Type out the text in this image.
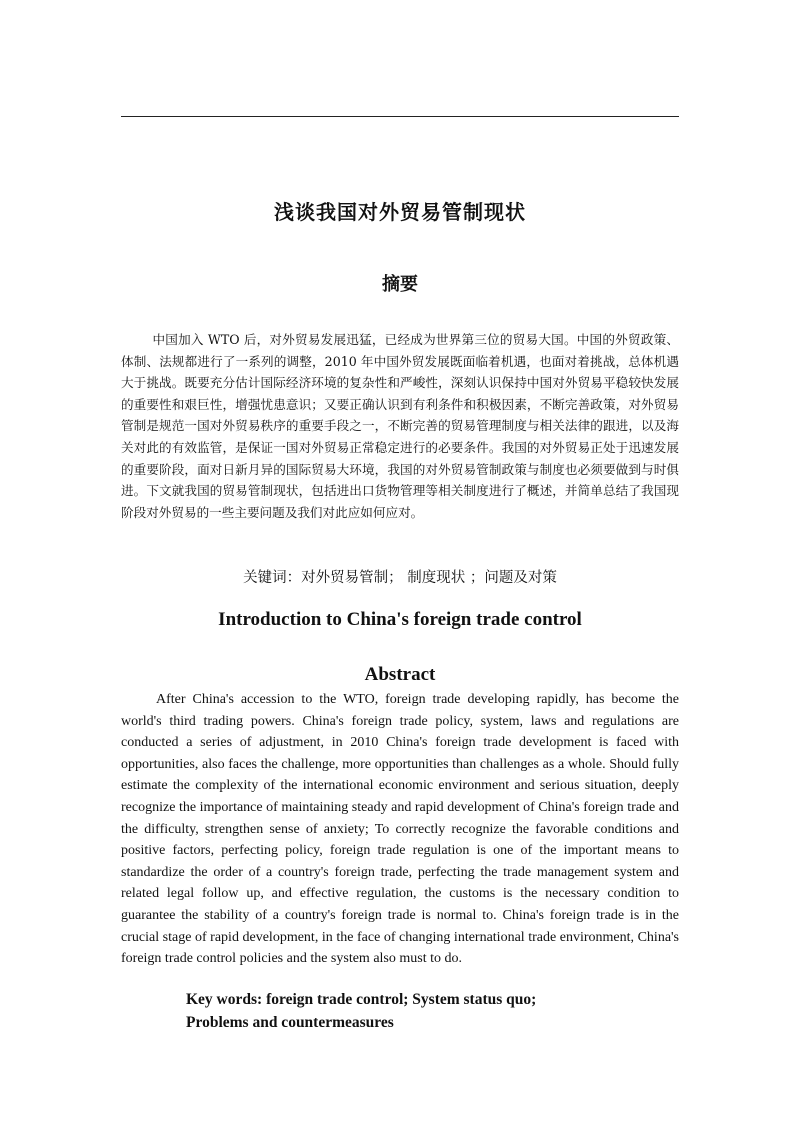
浅谈我国对外贸易管制现状
摘要

中国加入 WTO 后，对外贸易发展迅猛，已经成为世界第三位的贸易大国。中国的外贸政策、体制、法规都进行了一系列的调整，2010 年中国外贸发展既面临着机遇，也面对着挑战，总体机遇大于挑战。既要充分估计国际经济环境的复杂性和严峻性，深刻认识保持中国对外贸易平稳较快发展的重要性和艰巨性，增强忧患意识；又要正确认识到有利条件和积极因素，不断完善政策，对外贸易管制是规范一国对外贸易秩序的重要手段之一，不断完善的贸易管理制度与相关法律的跟进，以及海关对此的有效监管，是保证一国对外贸易正常稳定进行的必要条件。我国的对外贸易正处于迅速发展的重要阶段，面对日新月异的国际贸易大环境，我国的对外贸易管制政策与制度也必须要做到与时俱进。下文就我国的贸易管制现状，包括进出口货物管理等相关制度进行了概述，并简单总结了我国现阶段对外贸易的一些主要问题及我们对此应如何应对。

关键词：对外贸易管制； 制度现状 ；问题及对策
Introduction to China's foreign trade control
Abstract

After China's accession to the WTO, foreign trade developing rapidly, has become the world's third trading powers. China's foreign trade policy, system, laws and regulations are conducted a series of adjustment, in 2010 China's foreign trade development is faced with opportunities, also faces the challenge, more opportunities than challenges as a whole. Should fully estimate the complexity of the international economic environment and serious situation, deeply recognize the importance of maintaining steady and rapid development of China's foreign trade and the difficulty, strengthen sense of anxiety; To correctly recognize the favorable conditions and positive factors, perfecting policy, foreign trade regulation is one of the important means to standardize the order of a country's foreign trade, perfecting the trade management system and related legal follow up, and effective regulation, the customs is the necessary condition to guarantee the stability of a country's foreign trade is normal to. China's foreign trade is in the crucial stage of rapid development, in the face of changing international trade environment, China's foreign trade control policies and the system also must to do.

Key words: foreign trade control; System status quo;
Problems and countermeasures
